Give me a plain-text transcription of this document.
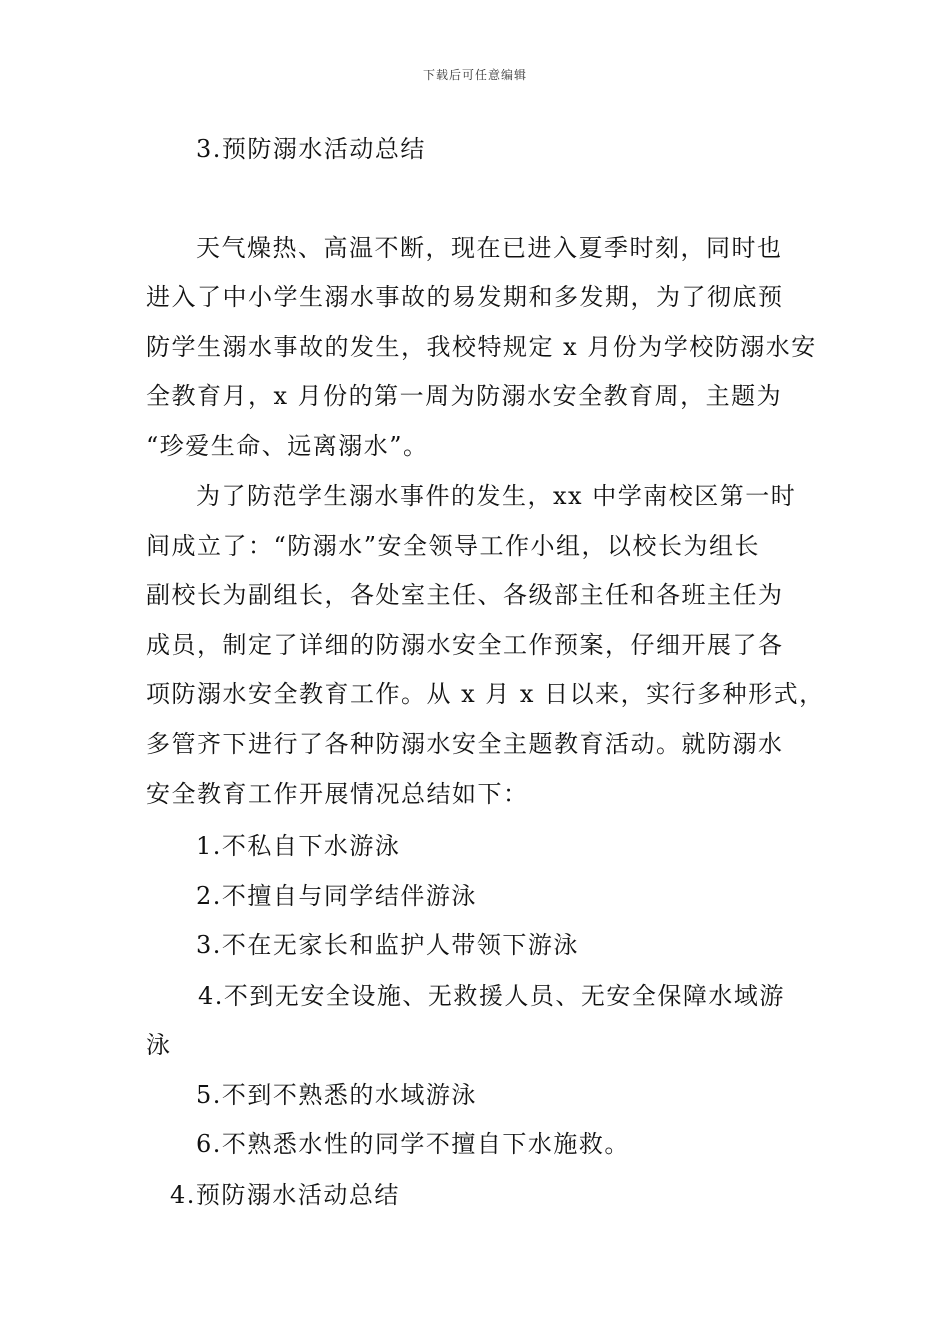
下载后可任意编辑
3.预防溺水活动总结
天气燥热、高温不断，现在已进入夏季时刻，同时也
进入了中小学生溺水事故的易发期和多发期，为了彻底预
防学生溺水事故的发生，我校特规定 x 月份为学校防溺水安
全教育月，x 月份的第一周为防溺水安全教育周，主题为
“珍爱生命、远离溺水”。
为了防范学生溺水事件的发生，xx 中学南校区第一时
间成立了：“防溺水”安全领导工作小组，以校长为组长
副校长为副组长，各处室主任、各级部主任和各班主任为
成员，制定了详细的防溺水安全工作预案，仔细开展了各
项防溺水安全教育工作。从 x 月 x 日以来，实行多种形式，
多管齐下进行了各种防溺水安全主题教育活动。就防溺水
安全教育工作开展情况总结如下：
1.不私自下水游泳
2.不擅自与同学结伴游泳
3.不在无家长和监护人带领下游泳
4.不到无安全设施、无救援人员、无安全保障水域游
泳
5.不到不熟悉的水域游泳
6.不熟悉水性的同学不擅自下水施救。
4.预防溺水活动总结
